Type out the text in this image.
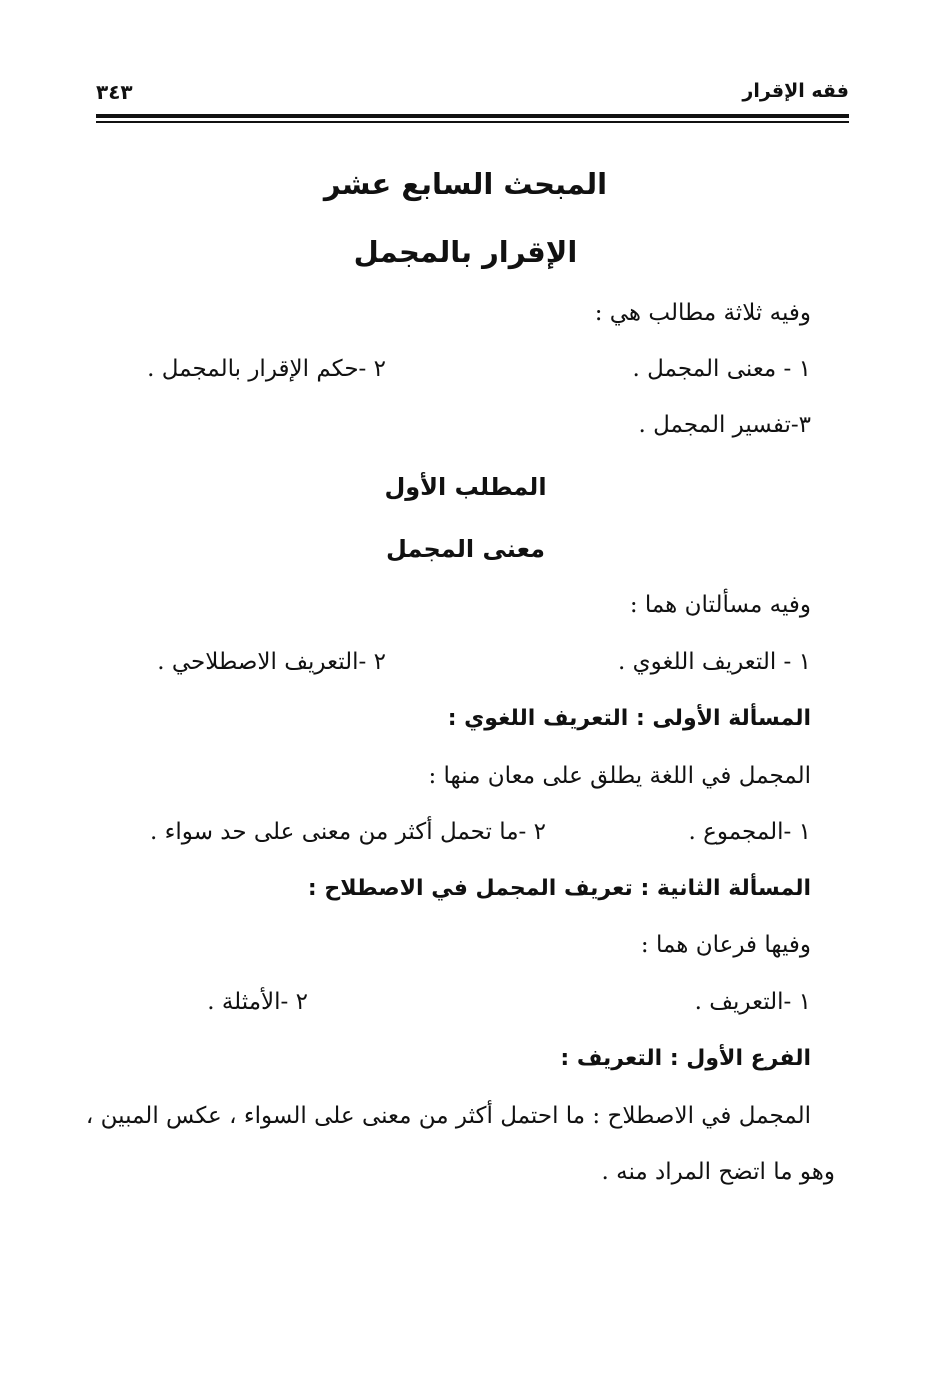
فقه الإقرار
٣٤٣
المبحث السابع عشر
الإقرار بالمجمل
وفيه ثلاثة مطالب هي :
١ - معنى المجمل .
٢ -حكم الإقرار بالمجمل .
٣-تفسير المجمل .
المطلب الأول
معنى المجمل
وفيه مسألتان هما :
١ - التعريف اللغوي .
٢ -التعريف الاصطلاحي .
المسألة الأولى : التعريف اللغوي :
المجمل في اللغة يطلق على معان منها :
١ -المجموع .
٢ -ما تحمل أكثر من معنى على حد سواء .
المسألة الثانية : تعريف المجمل في الاصطلاح :
وفيها فرعان هما :
١ -التعريف .
٢ -الأمثلة .
الفرع الأول : التعريف :
المجمل في الاصطلاح : ما احتمل أكثر من معنى على السواء ، عكس المبين ،
وهو ما اتضح المراد منه .
